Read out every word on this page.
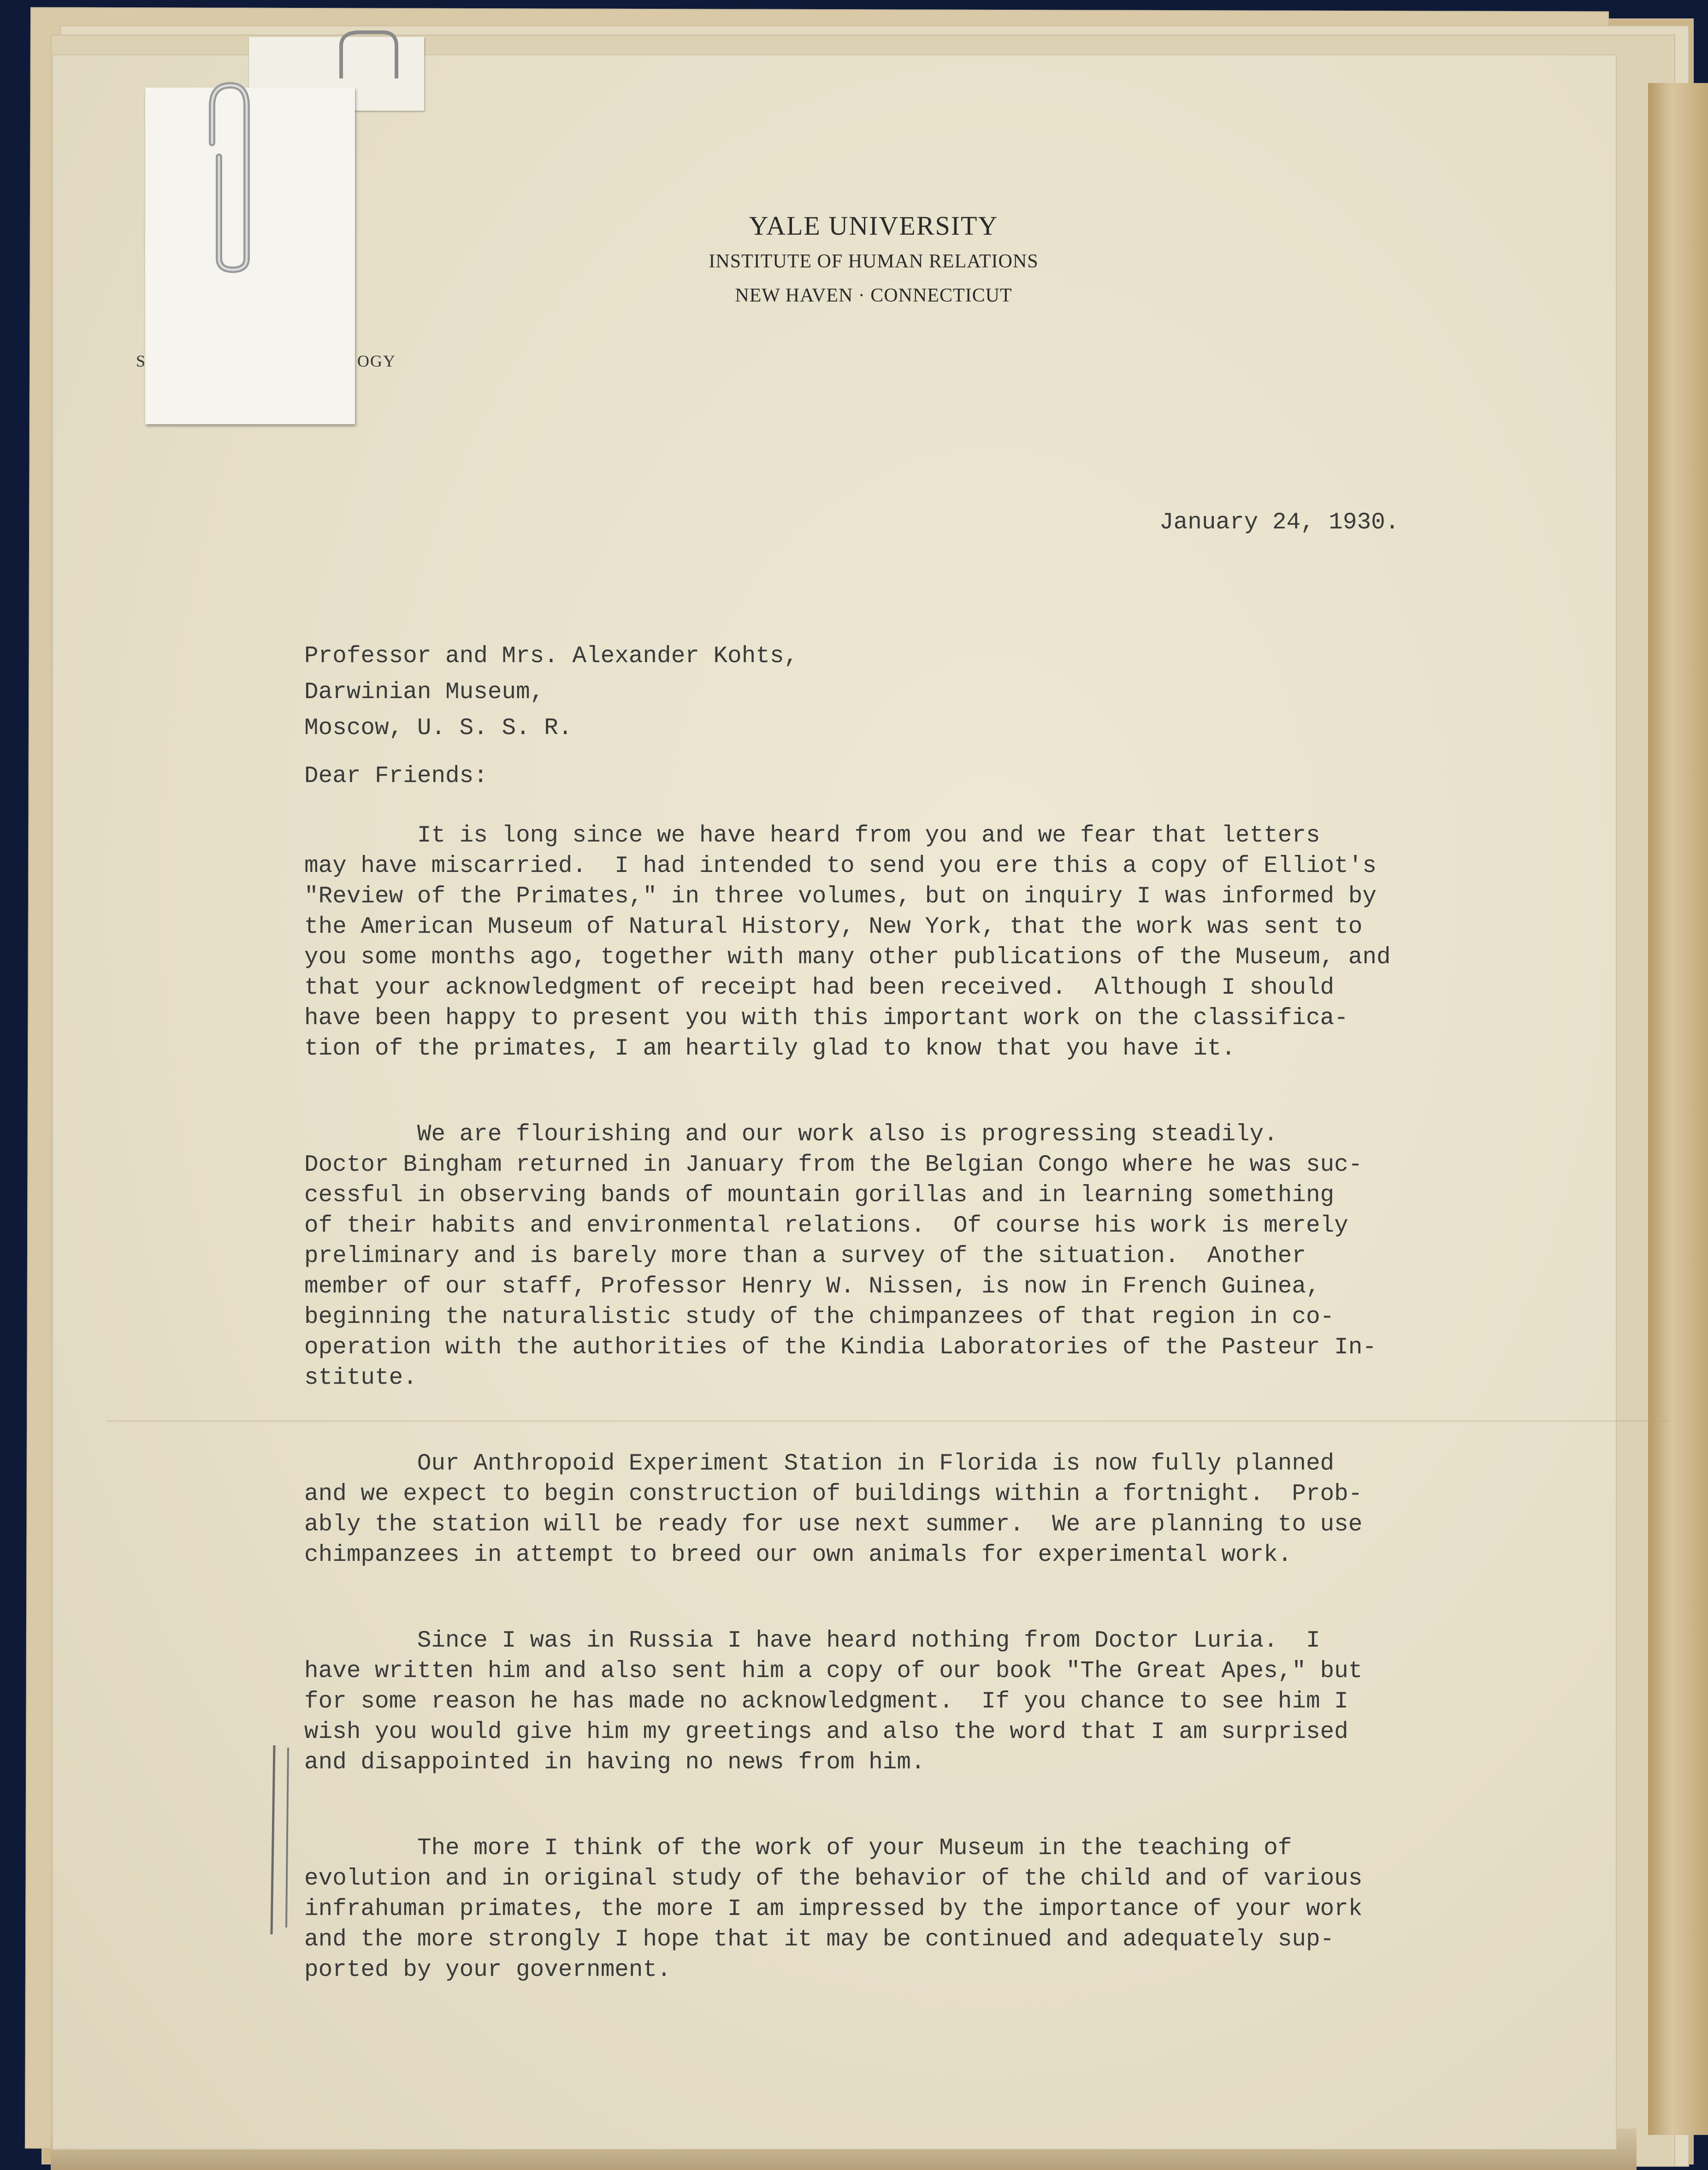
YALE UNIVERSITY
INSTITUTE OF HUMAN RELATIONS
NEW HAVEN · CONNECTICUT
S	OGY
January 24, 1930.
Professor and Mrs. Alexander Kohts,
Darwinian Museum,
Moscow, U. S. S. R.
Dear Friends:
It is long since we have heard from you and we fear that letters
may have miscarried.  I had intended to send you ere this a copy of Elliot's
"Review of the Primates," in three volumes, but on inquiry I was informed by
the American Museum of Natural History, New York, that the work was sent to
you some months ago, together with many other publications of the Museum, and
that your acknowledgment of receipt had been received.  Although I should
have been happy to present you with this important work on the classifica-
tion of the primates, I am heartily glad to know that you have it.
We are flourishing and our work also is progressing steadily.
Doctor Bingham returned in January from the Belgian Congo where he was suc-
cessful in observing bands of mountain gorillas and in learning something
of their habits and environmental relations.  Of course his work is merely
preliminary and is barely more than a survey of the situation.  Another
member of our staff, Professor Henry W. Nissen, is now in French Guinea,
beginning the naturalistic study of the chimpanzees of that region in co-
operation with the authorities of the Kindia Laboratories of the Pasteur In-
stitute.
Our Anthropoid Experiment Station in Florida is now fully planned
and we expect to begin construction of buildings within a fortnight.  Prob-
ably the station will be ready for use next summer.  We are planning to use
chimpanzees in attempt to breed our own animals for experimental work.
Since I was in Russia I have heard nothing from Doctor Luria.  I
have written him and also sent him a copy of our book "The Great Apes," but
for some reason he has made no acknowledgment.  If you chance to see him I
wish you would give him my greetings and also the word that I am surprised
and disappointed in having no news from him.
The more I think of the work of your Museum in the teaching of
evolution and in original study of the behavior of the child and of various
infrahuman primates, the more I am impressed by the importance of your work
and the more strongly I hope that it may be continued and adequately sup-
ported by your government.
